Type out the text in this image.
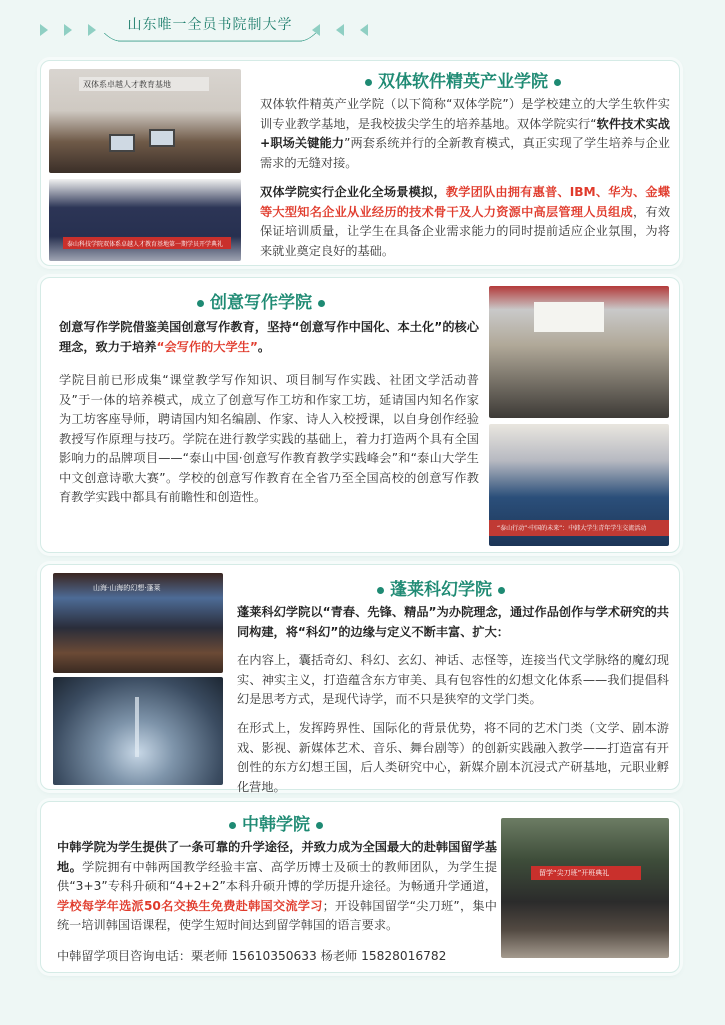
山东唯一全员书院制大学
双体系卓越人才教育基地
泰山科技学院双体系卓越人才教育基地第一期学员开学典礼
双体软件精英产业学院
双体软件精英产业学院（以下简称“双体学院”）是学校建立的大学生软件实训专业教学基地，是我校拔尖学生的培养基地。双体学院实行“软件技术实战+职场关键能力”两套系统并行的全新教育模式，真正实现了学生培养与企业需求的无缝对接。
双体学院实行企业化全场景模拟，教学团队由拥有惠普、IBM、华为、金蝶等大型知名企业从业经历的技术骨干及人力资源中高层管理人员组成，有效保证培训质量，让学生在具备企业需求能力的同时提前适应企业氛围，为将来就业奠定良好的基础。
创意写作学院
创意写作学院借鉴美国创意写作教育，坚持“创意写作中国化、本土化”的核心理念，致力于培养“会写作的大学生”。
学院目前已形成集“课堂教学写作知识、项目制写作实践、社团文学活动普及”于一体的培养模式，成立了创意写作工坊和作家工坊，延请国内知名作家为工坊客座导师，聘请国内知名编剧、作家、诗人入校授课，以自身创作经验教授写作原理与技巧。学院在进行教学实践的基础上，着力打造两个具有全国影响力的品牌项目——“泰山中国·创意写作教育教学实践峰会”和“泰山大学生中文创意诗歌大赛”。学校的创意写作教育在全省乃至全国高校的创意写作教育教学实践中都具有前瞻性和创造性。
“泰山行动”·中国的未来”：中韩大学生青年学生交流活动
山海·山海的幻想·蓬莱	蓬莱科幻学院
蓬莱科幻学院以“青春、先锋、精品”为办院理念，通过作品创作与学术研究的共同构建，将“科幻”的边缘与定义不断丰富、扩大：
在内容上，囊括奇幻、科幻、玄幻、神话、志怪等，连接当代文学脉络的魔幻现实、神实主义，打造蕴含东方审美、具有包容性的幻想文化体系——我们提倡科幻是思考方式，是现代诗学，而不只是狭窄的文学门类。
在形式上，发挥跨界性、国际化的背景优势，将不同的艺术门类（文学、剧本游戏、影视、新媒体艺术、音乐、舞台剧等）的创新实践融入教学——打造富有开创性的东方幻想王国，后人类研究中心，新媒介剧本沉浸式产研基地，元职业孵化营地。
中韩学院
中韩学院为学生提供了一条可靠的升学途径，并致力成为全国最大的赴韩国留学基地。学院拥有中韩两国教学经验丰富、高学历博士及硕士的教师团队，为学生提供“3+3”专科升硕和“4+2+2”本科升硕升博的学历提升途径。为畅通升学通道，学校每学年选派50名交换生免费赴韩国交流学习；开设韩国留学“尖刀班”，集中统一培训韩国语课程，使学生短时间达到留学韩国的语言要求。
中韩留学项目咨询电话：栗老师 15610350633 杨老师 15828016782
留学“尖刀班”开班典礼
